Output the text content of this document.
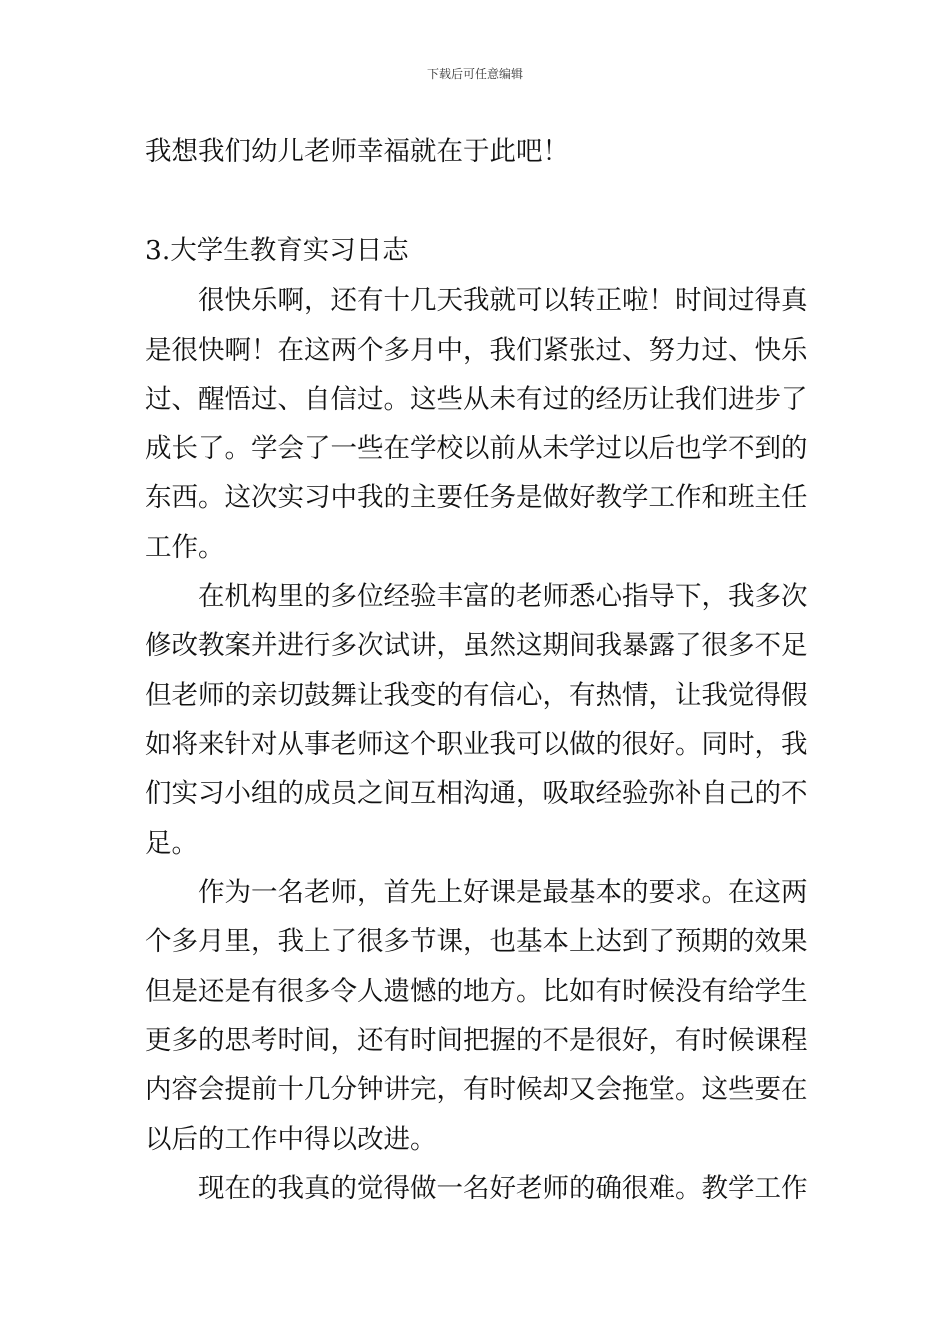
下载后可任意编辑
我想我们幼儿老师幸福就在于此吧！
3.大学生教育实习日志
很快乐啊，还有十几天我就可以转正啦！时间过得真
是很快啊！在这两个多月中，我们紧张过、努力过、快乐
过、醒悟过、自信过。这些从未有过的经历让我们进步了
成长了。学会了一些在学校以前从未学过以后也学不到的
东西。这次实习中我的主要任务是做好教学工作和班主任
工作。
在机构里的多位经验丰富的老师悉心指导下，我多次
修改教案并进行多次试讲，虽然这期间我暴露了很多不足
但老师的亲切鼓舞让我变的有信心，有热情，让我觉得假
如将来针对从事老师这个职业我可以做的很好。同时，我
们实习小组的成员之间互相沟通，吸取经验弥补自己的不
足。
作为一名老师，首先上好课是最基本的要求。在这两
个多月里，我上了很多节课，也基本上达到了预期的效果
但是还是有很多令人遗憾的地方。比如有时候没有给学生
更多的思考时间，还有时间把握的不是很好，有时候课程
内容会提前十几分钟讲完，有时候却又会拖堂。这些要在
以后的工作中得以改进。
现在的我真的觉得做一名好老师的确很难。教学工作
